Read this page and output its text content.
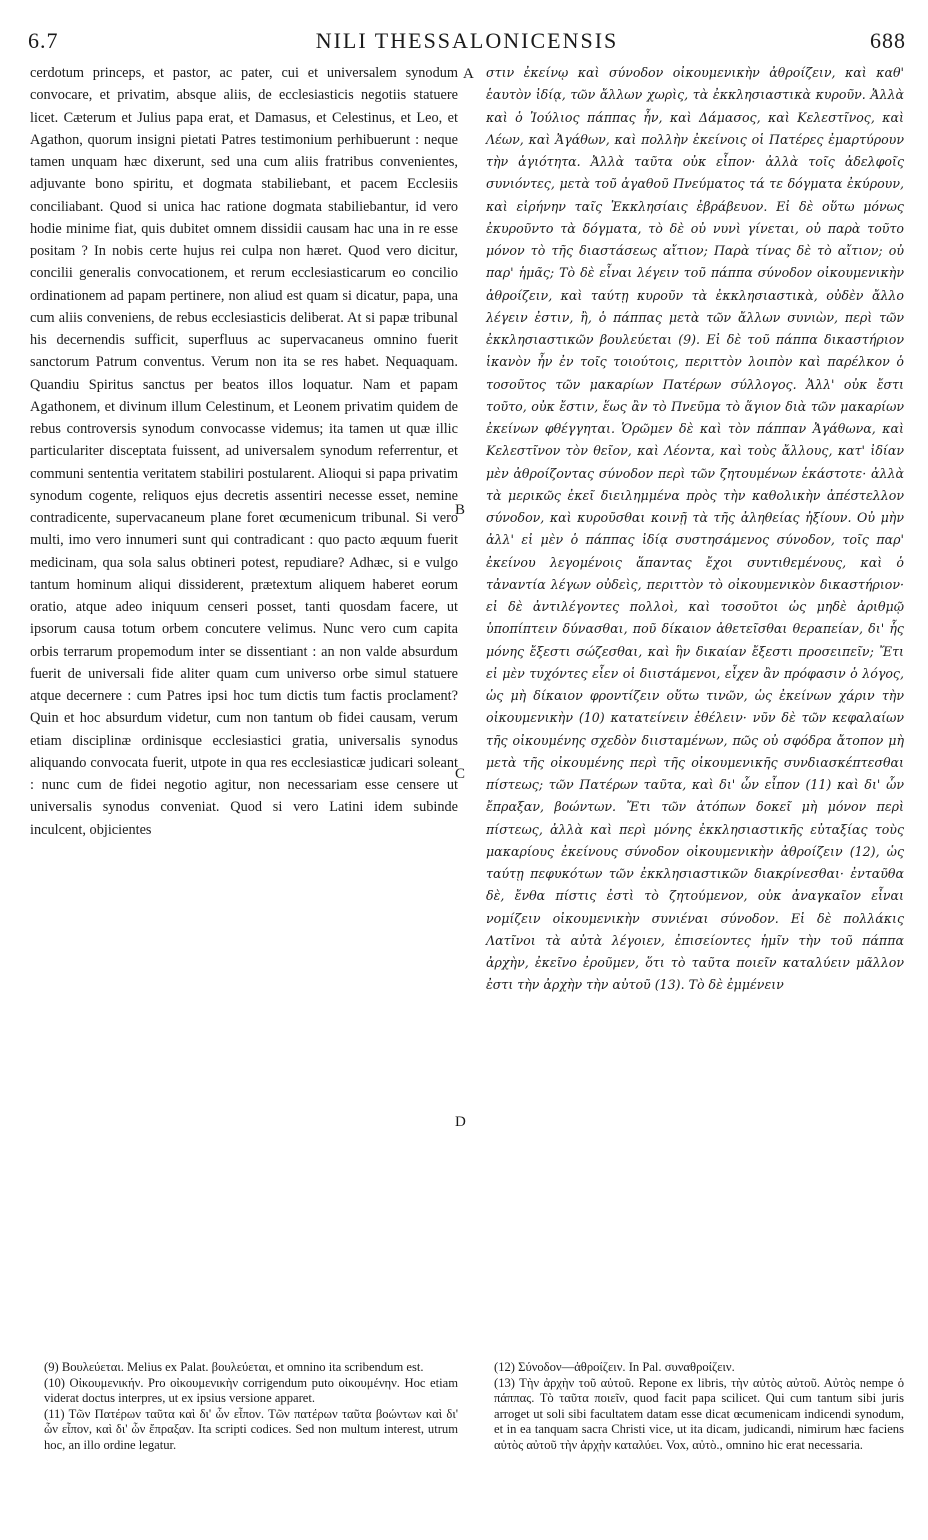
6.7	NILI THESSALONICENSIS	688

cerdotum princeps, et pastor, ac pater, cui et universalem synodum convocare, et privatim, absque aliis, de ecclesiasticis negotiis statuere licet. Cæterum et Julius papa erat, et Damasus, et Celestinus, et Leo, et Agathon, quorum insigni pietati Patres testimonium perhibuerunt : neque tamen unquam hæc dixerunt, sed una cum aliis fratribus convenientes, adjuvante bono spiritu, et dogmata stabiliebant, et pacem Ecclesiis conciliabant. Quod si unica hac ratione dogmata stabiliebantur, id vero hodie minime fiat, quis dubitet omnem dissidii causam hac una in re esse positam ? In nobis certe hujus rei culpa non hæret. Quod vero dicitur, concilii generalis convocationem, et rerum ecclesiasticarum eo concilio ordinationem ad papam pertinere, non aliud est quam si dicatur, papa, una cum aliis conveniens, de rebus ecclesiasticis deliberat. At si papæ tribunal his decernendis sufficit, superfluus ac supervacaneus omnino fuerit sanctorum Patrum conventus. Verum non ita se res habet. Nequaquam. Quandiu Spiritus sanctus per beatos illos loquatur. Nam et papam Agathonem, et divinum illum Celestinum, et Leonem privatim quidem de rebus controversis synodum convocasse videmus; ita tamen ut quæ illic particulariter disceptata fuissent, ad universalem synodum referrentur, et communi sententia veritatem stabiliri postularent. Alioqui si papa privatim synodum cogente, reliquos ejus decretis assentiri necesse esset, nemine contradicente, supervacaneum plane foret œcumenicum tribunal. Si vero multi, imo vero innumeri sunt qui contradicant : quo pacto æquum fuerit medicinam, qua sola salus obtineri potest, repudiare? Adhæc, si e vulgo tantum hominum aliqui dissiderent, prætextum aliquem haberet eorum oratio, atque adeo iniquum censeri posset, tanti quosdam facere, ut ipsorum causa totum orbem concutere velimus. Nunc vero cum capita orbis terrarum propemodum inter se dissentiant : an non valde absurdum fuerit de universali fide aliter quam cum universo orbe simul statuere atque decernere : cum Patres ipsi hoc tum dictis tum factis proclament? Quin et hoc absurdum videtur, cum non tantum ob fidei causam, verum etiam disciplinæ ordinisque ecclesiastici gratia, universalis synodus aliquando convocata fuerit, utpote in qua res ecclesiasticæ judicari soleant : nunc cum de fidei negotio agitur, non necessariam esse censere ut universalis synodus conveniat. Quod si vero Latini idem subinde inculcent, objicientes

A
B
C
D

στιν ἐκείνῳ καὶ σύνοδον οἰκουμενικὴν ἀθροίζειν, καὶ καθ' ἑαυτὸν ἰδίᾳ, τῶν ἄλλων χωρὶς, τὰ ἐκκλησιαστικὰ κυροῦν. Ἀλλὰ καὶ ὁ Ἰούλιος πάππας ἦν, καὶ Δάμασος, καὶ Κελεστῖνος, καὶ Λέων, καὶ Ἀγάθων, καὶ πολλὴν ἐκείνοις οἱ Πατέρες ἐμαρτύρουν τὴν ἁγιότητα. Ἀλλὰ ταῦτα οὐκ εἶπον· ἀλλὰ τοῖς ἀδελφοῖς συνιόντες, μετὰ τοῦ ἀγαθοῦ Πνεύματος τά τε δόγματα ἐκύρουν, καὶ εἰρήνην ταῖς Ἐκκλησίαις ἐβράβευον. Εἰ δὲ οὕτω μόνως ἐκυροῦντο τὰ δόγματα, τὸ δὲ οὐ νυνὶ γίνεται, οὐ παρὰ τοῦτο μόνον τὸ τῆς διαστάσεως αἴτιον; Παρὰ τίνας δὲ τὸ αἴτιον; οὐ παρ' ἡμᾶς; Τὸ δὲ εἶναι λέγειν τοῦ πάππα σύνοδον οἰκουμενικὴν ἀθροίζειν, καὶ ταύτῃ κυροῦν τὰ ἐκκλησιαστικὰ, οὐδὲν ἄλλο λέγειν ἐστιν, ἢ, ὁ πάππας μετὰ τῶν ἄλλων συνιὼν, περὶ τῶν ἐκκλησιαστικῶν βουλεύεται (9). Εἰ δὲ τοῦ πάππα δικαστήριον ἱκανὸν ἦν ἐν τοῖς τοιούτοις, περιττὸν λοιπὸν καὶ παρέλκον ὁ τοσοῦτος τῶν μακαρίων Πατέρων σύλλογος. Ἀλλ' οὐκ ἔστι τοῦτο, οὐκ ἔστιν, ἕως ἂν τὸ Πνεῦμα τὸ ἅγιον διὰ τῶν μακαρίων ἐκείνων φθέγγηται. Ὁρῶμεν δὲ καὶ τὸν πάππαν Ἀγάθωνα, καὶ Κελεστῖνον τὸν θεῖον, καὶ Λέοντα, καὶ τοὺς ἄλλους, κατ' ἰδίαν μὲν ἀθροίζοντας σύνοδον περὶ τῶν ζητουμένων ἑκάστοτε· ἀλλὰ τὰ μερικῶς ἐκεῖ διειλημμένα πρὸς τὴν καθολικὴν ἀπέστελλον σύνοδον, καὶ κυροῦσθαι κοινῇ τὰ τῆς ἀληθείας ἠξίουν. Οὐ μὴν ἀλλ' εἰ μὲν ὁ πάππας ἰδίᾳ συστησάμενος σύνοδον, τοῖς παρ' ἐκείνου λεγομένοις ἅπαντας ἔχοι συντιθεμένους, καὶ ὁ τἀναντία λέγων οὐδεὶς, περιττὸν τὸ οἰκουμενικὸν δικαστήριον· εἰ δὲ ἀντιλέγοντες πολλοὶ, καὶ τοσοῦτοι ὡς μηδὲ ἀριθμῷ ὑποπίπτειν δύνασθαι, ποῦ δίκαιον ἀθετεῖσθαι θεραπείαν, δι' ἧς μόνης ἔξεστι σώζεσθαι, καὶ ἣν δικαίαν ἔξεστι προσειπεῖν; Ἔτι εἰ μὲν τυχόντες εἶεν οἱ διιστάμενοι, εἶχεν ἂν πρόφασιν ὁ λόγος, ὡς μὴ δίκαιον φροντίζειν οὕτω τινῶν, ὡς ἐκείνων χάριν τὴν οἰκουμενικὴν (10) κατατείνειν ἐθέλειν· νῦν δὲ τῶν κεφαλαίων τῆς οἰκουμένης σχεδὸν διισταμένων, πῶς οὐ σφόδρα ἄτοπον μὴ μετὰ τῆς οἰκουμένης περὶ τῆς οἰκουμενικῆς συνδιασκέπτεσθαι πίστεως; τῶν Πατέρων ταῦτα, καὶ δι' ὧν εἶπον (11) καὶ δι' ὧν ἔπραξαν, βοώντων. Ἔτι τῶν ἀτόπων δοκεῖ μὴ μόνον περὶ πίστεως, ἀλλὰ καὶ περὶ μόνης ἐκκλησιαστικῆς εὐταξίας τοὺς μακαρίους ἐκείνους σύνοδον οἰκουμενικὴν ἀθροίζειν (12), ὡς ταύτῃ πεφυκότων τῶν ἐκκλησιαστικῶν διακρίνεσθαι· ἐνταῦθα δὲ, ἔνθα πίστις ἐστὶ τὸ ζητούμενον, οὐκ ἀναγκαῖον εἶναι νομίζειν οἰκουμενικὴν συνιέναι σύνοδον. Εἰ δὲ πολλάκις Λατῖνοι τὰ αὐτὰ λέγοιεν, ἐπισείοντες ἡμῖν τὴν τοῦ πάππα ἀρχὴν, ἐκεῖνο ἐροῦμεν, ὅτι τὸ ταῦτα ποιεῖν καταλύειν μᾶλλον ἐστι τὴν ἀρχὴν τὴν αὐτοῦ (13). Τὸ δὲ ἐμμένειν

(9) Βουλεύεται. Melius ex Palat. βουλεύεται, et omnino ita scribendum est.

(10) Οἰκουμενικήν. Pro οἰκουμενικὴν corrigendum puto οἰκουμένην. Hoc etiam viderat doctus interpres, ut ex ipsius versione apparet.

(11) Τῶν Πατέρων ταῦτα καὶ δι' ὧν εἶπον. Τῶν πατέρων ταῦτα βοώντων καὶ δι' ὧν εἶπον, καὶ δι' ὧν ἔπραξαν. Ita scripti codices. Sed non multum interest, utrum hoc, an illo ordine legatur.

(12) Σύνοδον—ἀθροίζειν. In Pal. συναθροίζειν.

(13) Τὴν ἀρχὴν τοῦ αὐτοῦ. Repone ex libris, τὴν αὐτὸς αὐτοῦ. Αὐτὸς nempe ὁ πάππας. Τὸ ταῦτα ποιεῖν, quod facit papa scilicet. Qui cum tantum sibi juris arroget ut soli sibi facultatem datam esse dicat œcumenicam indicendi synodum, et in ea tanquam sacra Christi vice, ut ita dicam, judicandi, nimirum hæc faciens αὐτὸς αὐτοῦ τὴν ἀρχὴν καταλύει. Vox, αὐτὸ., omnino hic erat necessaria.
